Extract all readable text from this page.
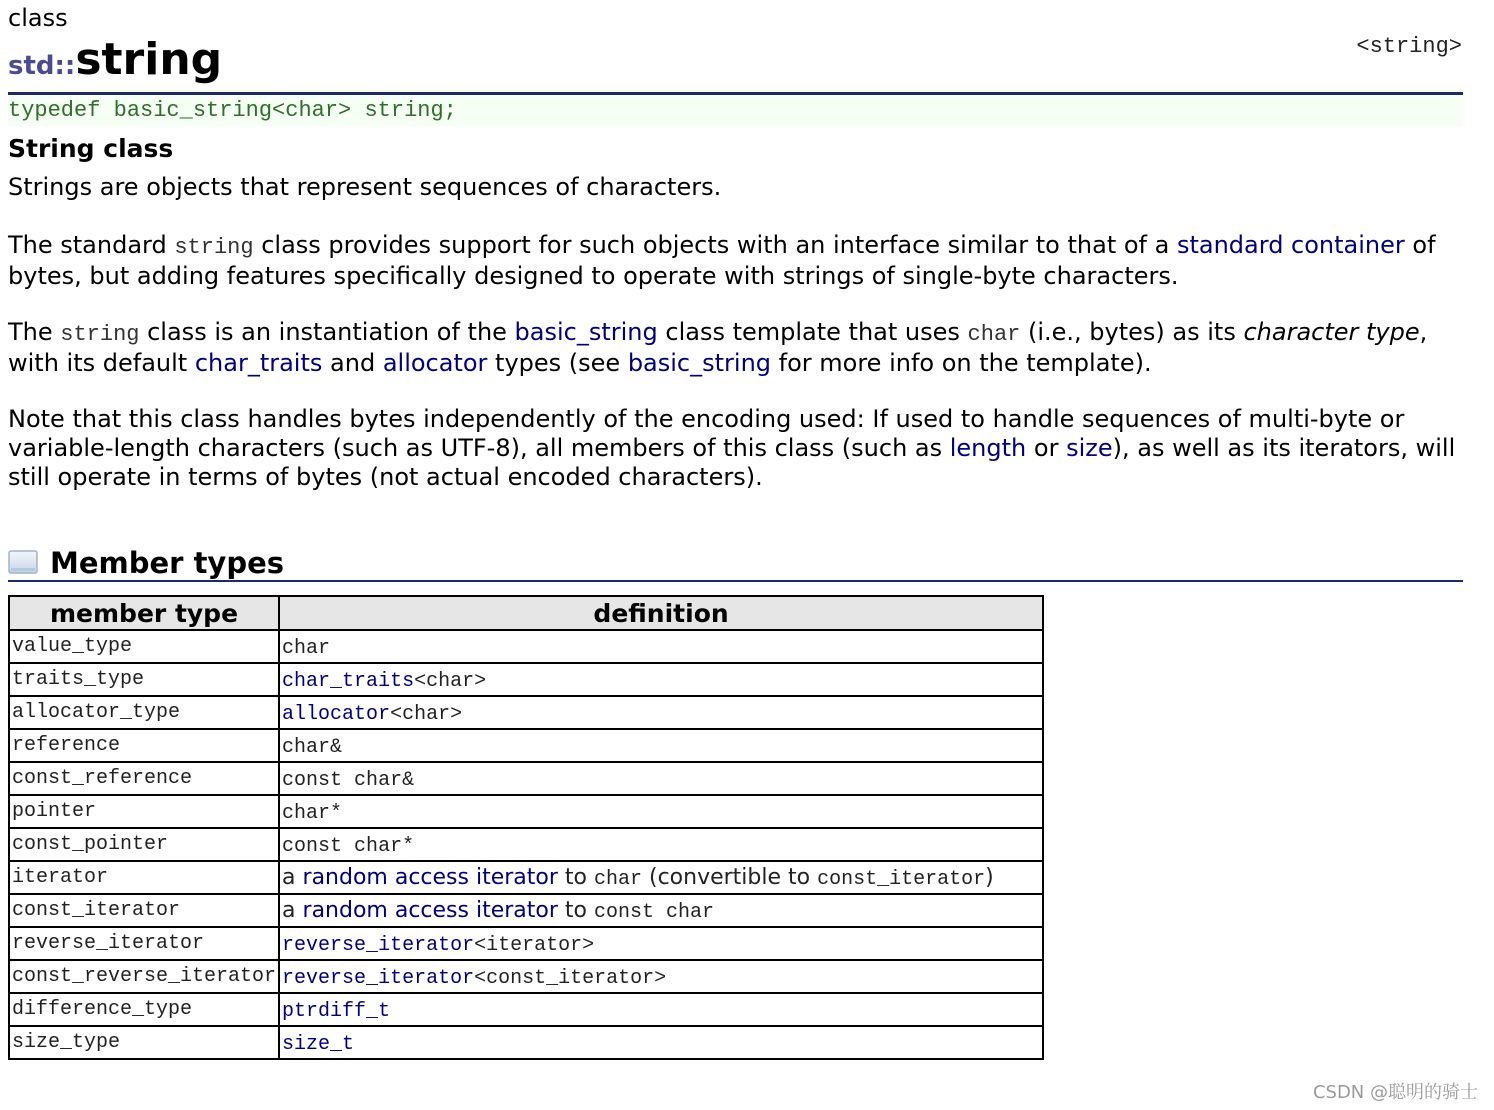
class
std::string	<string>
typedef basic_string<char> string;
String class
Strings are objects that represent sequences of characters.
The standard string class provides support for such objects with an interface similar to that of a standard container of bytes, but adding features specifically designed to operate with strings of single-byte characters.
The string class is an instantiation of the basic_string class template that uses char (i.e., bytes) as its character type, with its default char_traits and allocator types (see basic_string for more info on the template).
Note that this class handles bytes independently of the encoding used: If used to handle sequences of multi-byte or variable-length characters (such as UTF-8), all members of this class (such as length or size), as well as its iterators, will still operate in terms of bytes (not actual encoded characters).
Member types
member type	definition
value_type	char
traits_type	char_traits<char>
allocator_type	allocator<char>
reference	char&
const_reference	const char&
pointer	char*
const_pointer	const char*
iterator	a random access iterator to char (convertible to const_iterator)
const_iterator	a random access iterator to const char
reverse_iterator	reverse_iterator<iterator>
const_reverse_iterator	reverse_iterator<const_iterator>
difference_type	ptrdiff_t
size_type	size_t
CSDN @聪明的骑士
